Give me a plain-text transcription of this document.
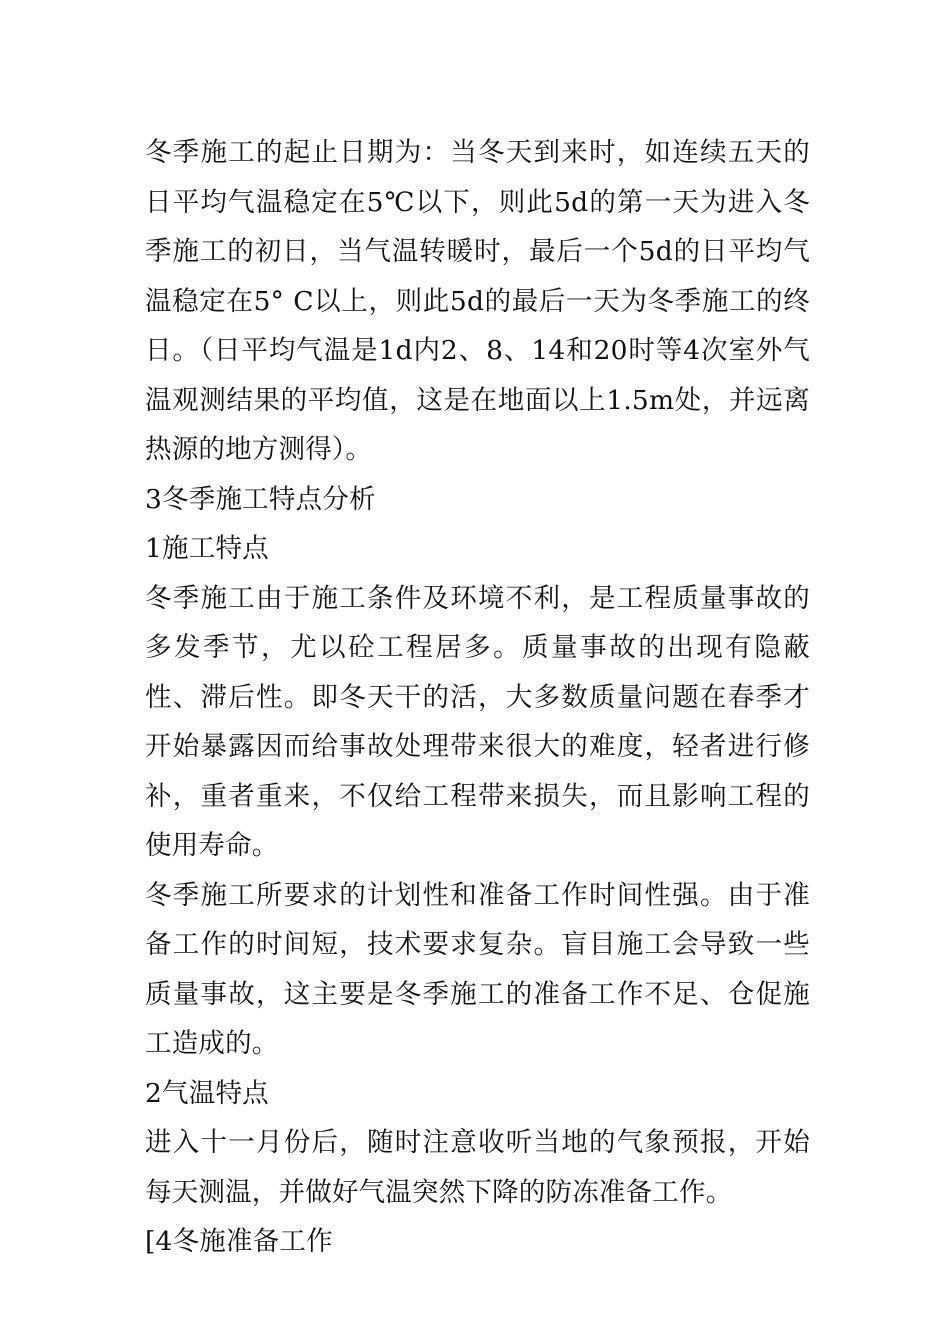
冬季施工的起止日期为：当冬天到来时，如连续五天的日平均气温稳定在5℃以下，则此5d的第一天为进入冬季施工的初日，当气温转暖时，最后一个5d的日平均气温稳定在5° C以上，则此5d的最后一天为冬季施工的终日。（日平均气温是1d内2、8、14和20时等4次室外气温观测结果的平均值，这是在地面以上1.5m处，并远离热源的地方测得）。

3冬季施工特点分析

1施工特点

冬季施工由于施工条件及环境不利，是工程质量事故的多发季节，尤以砼工程居多。质量事故的出现有隐蔽性、滞后性。即冬天干的活，大多数质量问题在春季才开始暴露因而给事故处理带来很大的难度，轻者进行修补，重者重来，不仅给工程带来损失，而且影响工程的使用寿命。

冬季施工所要求的计划性和准备工作时间性强。由于准备工作的时间短，技术要求复杂。盲目施工会导致一些质量事故，这主要是冬季施工的准备工作不足、仓促施工造成的。

2气温特点

进入十一月份后，随时注意收听当地的气象预报，开始每天测温，并做好气温突然下降的防冻准备工作。

[4冬施准备工作
